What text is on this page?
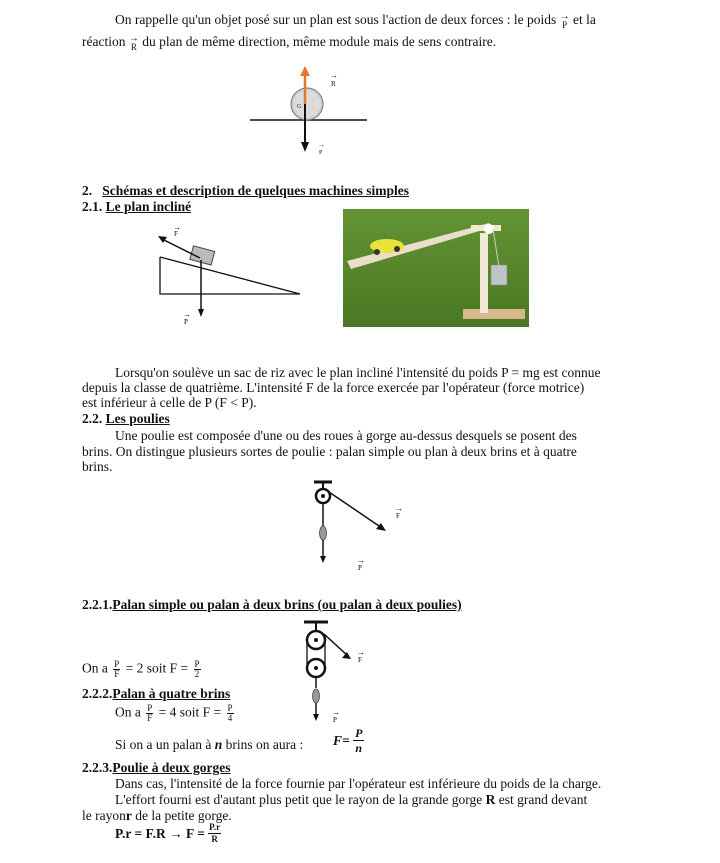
On rappelle qu'un objet posé sur un plan est sous l'action de deux forces : le poids → P et la
réaction → R du plan de même direction, même module mais de sens contraire.
G
R
→
P
→
2. Schémas et description de quelques machines simples
2.1. Le plan incliné
F
→
P
→
Lorsqu'on soulève un sac de riz avec le plan incliné l'intensité du poids P = mg est connue
depuis la classe de quatrième. L'intensité F de la force exercée par l'opérateur (force motrice)
est inférieur à celle de P (F < P).
2.2. Les poulies
Une poulie est composée d'une ou des roues à gorge au-dessus desquels se posent des
brins. On distingue plusieurs sortes de poulie : palan simple ou plan à deux brins et à quatre
brins.
F
→
P
→
2.2.1.Palan simple ou palan à deux brins (ou palan à deux poulies)
F
→
P
→
On a $\frac{P}{F} = 2$ soit $F = \frac{P}{2}$
2.2.2.Palan à quatre brins
On a $\frac{P}{F} = 4$ soit $F = \frac{P}{4}$
Si on a un palan à n brins on aura : $F= \frac{P}{n}$
2.2.3.Poulie à deux gorges
Dans cas, l'intensité de la force fournie par l'opérateur est inférieure du poids de la charge.
L'effort fourni est d'autant plus petit que le rayon de la grande gorge R est grand devant
le rayonr de la petite gorge.
$P.r = F.R \to F = \frac{P.r}{R}$
